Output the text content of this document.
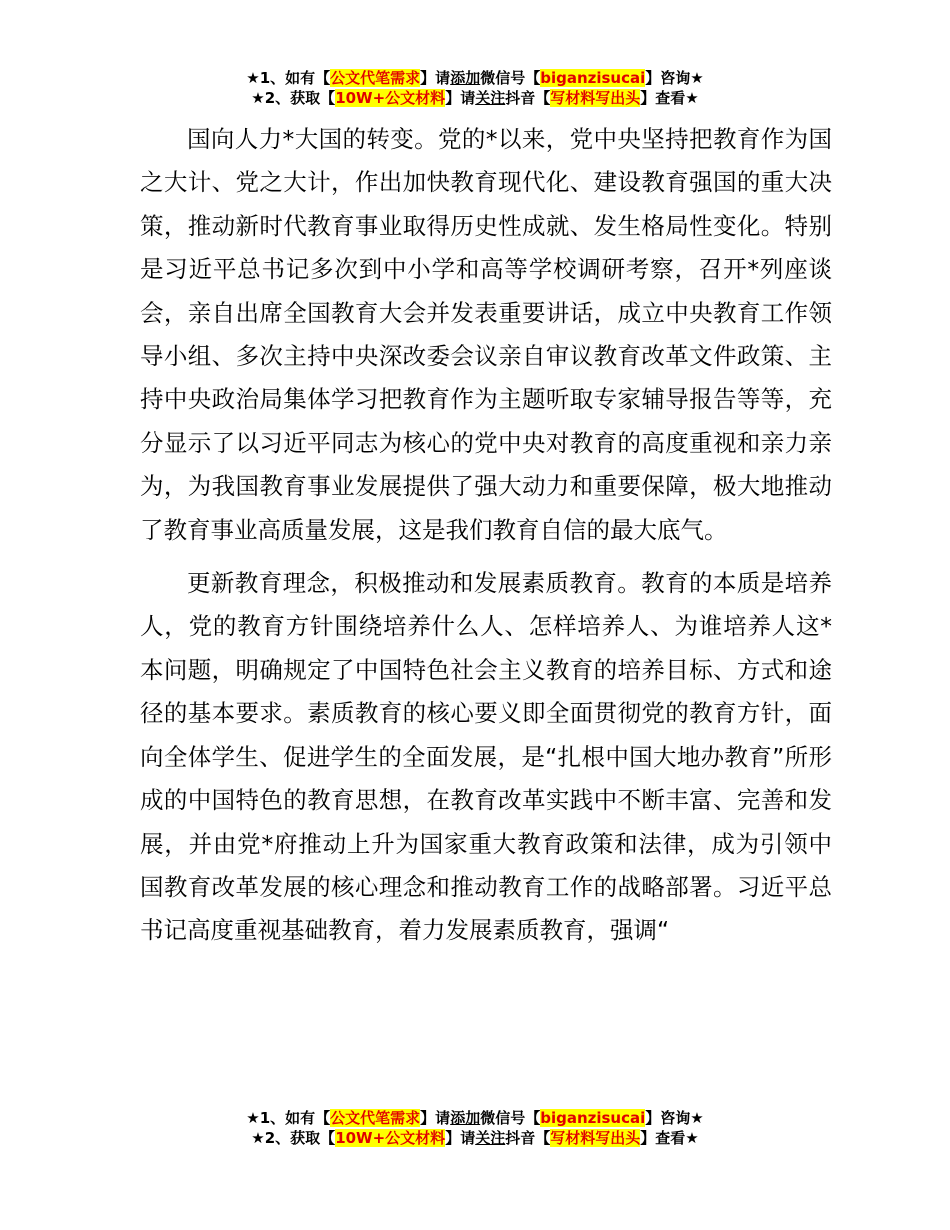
★1、如有【公文代笔需求】请添加微信号【biganzisucai】咨询★
★2、获取【10W+公文材料】请关注抖音【写材料写出头】查看★

国向人力*大国的转变。党的*以来，党中央坚持把教育作为国之大计、党之大计，作出加快教育现代化、建设教育强国的重大决策，推动新时代教育事业取得历史性成就、发生格局性变化。特别是习近平总书记多次到中小学和高等学校调研考察，召开*列座谈会，亲自出席全国教育大会并发表重要讲话，成立中央教育工作领导小组、多次主持中央深改委会议亲自审议教育改革文件政策、主持中央政治局集体学习把教育作为主题听取专家辅导报告等等，充分显示了以习近平同志为核心的党中央对教育的高度重视和亲力亲为，为我国教育事业发展提供了强大动力和重要保障，极大地推动了教育事业高质量发展，这是我们教育自信的最大底气。

更新教育理念，积极推动和发展素质教育。教育的本质是培养人，党的教育方针围绕培养什么人、怎样培养人、为谁培养人这*本问题，明确规定了中国特色社会主义教育的培养目标、方式和途径的基本要求。素质教育的核心要义即全面贯彻党的教育方针，面向全体学生、促进学生的全面发展，是“扎根中国大地办教育”所形成的中国特色的教育思想，在教育改革实践中不断丰富、完善和发展，并由党*府推动上升为国家重大教育政策和法律，成为引领中国教育改革发展的核心理念和推动教育工作的战略部署。习近平总书记高度重视基础教育，着力发展素质教育，强调“

★1、如有【公文代笔需求】请添加微信号【biganzisucai】咨询★
★2、获取【10W+公文材料】请关注抖音【写材料写出头】查看★
